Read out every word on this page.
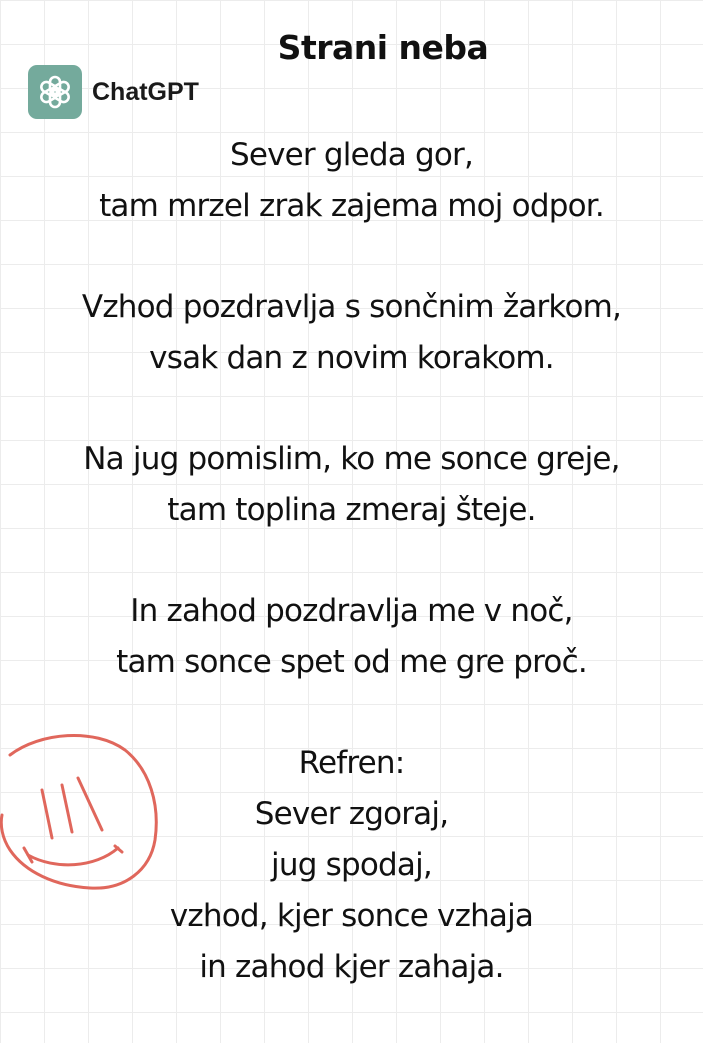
Strani neba
ChatGPT
Sever gleda gor,
tam mrzel zrak zajema moj odpor.
Vzhod pozdravlja s sončnim žarkom,
vsak dan z novim korakom.
Na jug pomislim, ko me sonce greje,
tam toplina zmeraj šteje.
In zahod pozdravlja me v noč,
tam sonce spet od me gre proč.
Refren:
Sever zgoraj,
jug spodaj,
vzhod, kjer sonce vzhaja
in zahod kjer zahaja.
